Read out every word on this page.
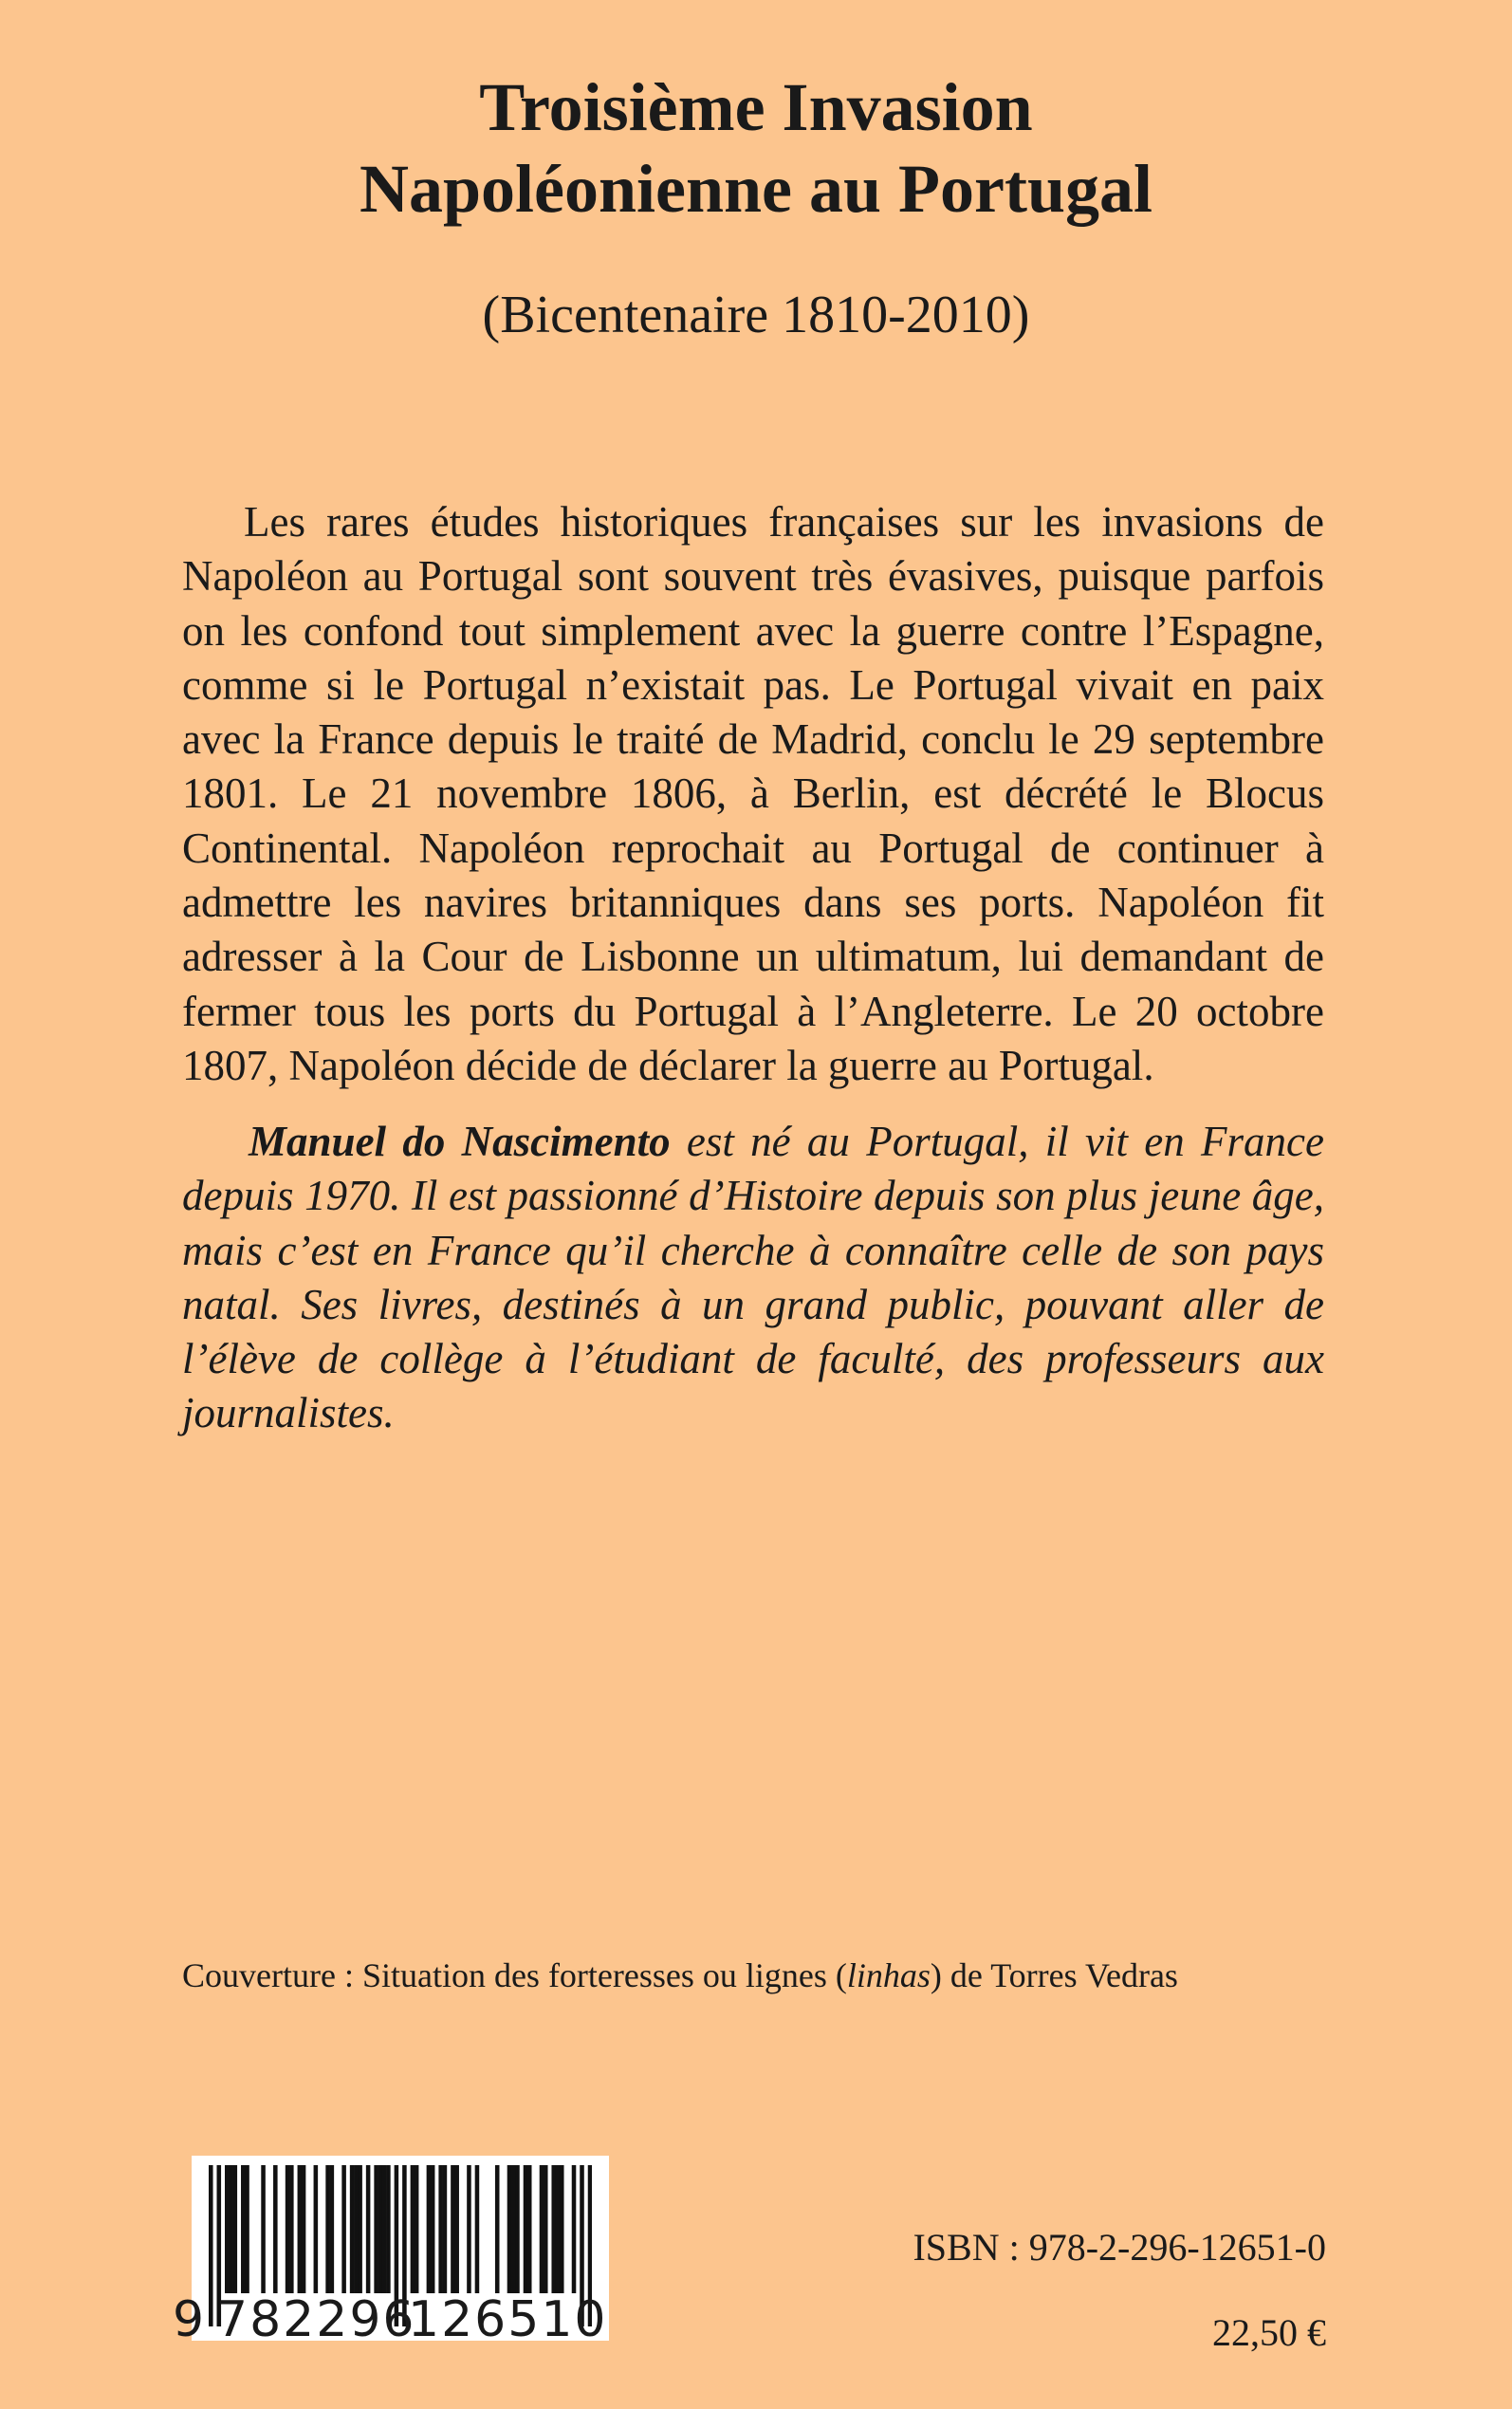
Troisième Invasion
Napoléonienne au Portugal

(Bicentenaire 1810-2010)

Les rares études historiques françaises sur les invasions de Napoléon au Portugal sont souvent très évasives, puisque parfois on les confond tout simplement avec la guerre contre l’Espagne, comme si le Portugal n’existait pas. Le Portugal vivait en paix avec la France depuis le traité de Madrid, conclu le 29 septembre 1801. Le 21 novembre 1806, à Berlin, est décrété le Blocus Continental. Napoléon reprochait au Portugal de continuer à admettre les navires britanniques dans ses ports. Napoléon fit adresser à la Cour de Lisbonne un ultimatum, lui demandant de fermer tous les ports du Portugal à l’Angleterre. Le 20 octobre 1807, Napoléon décide de déclarer la guerre au Portugal.

Manuel do Nascimento est né au Portugal, il vit en France depuis 1970. Il est passionné d’Histoire depuis son plus jeune âge, mais c’est en France qu’il cherche à connaître celle de son pays natal. Ses livres, destinés à un grand public, pouvant aller de l’élève de collège à l’étudiant de faculté, des professeurs aux journalistes.

Couverture : Situation des forteresses ou lignes (linhas) de Torres Vedras

9 782296
126510

ISBN : 978-2-296-12651-0

22,50 €
